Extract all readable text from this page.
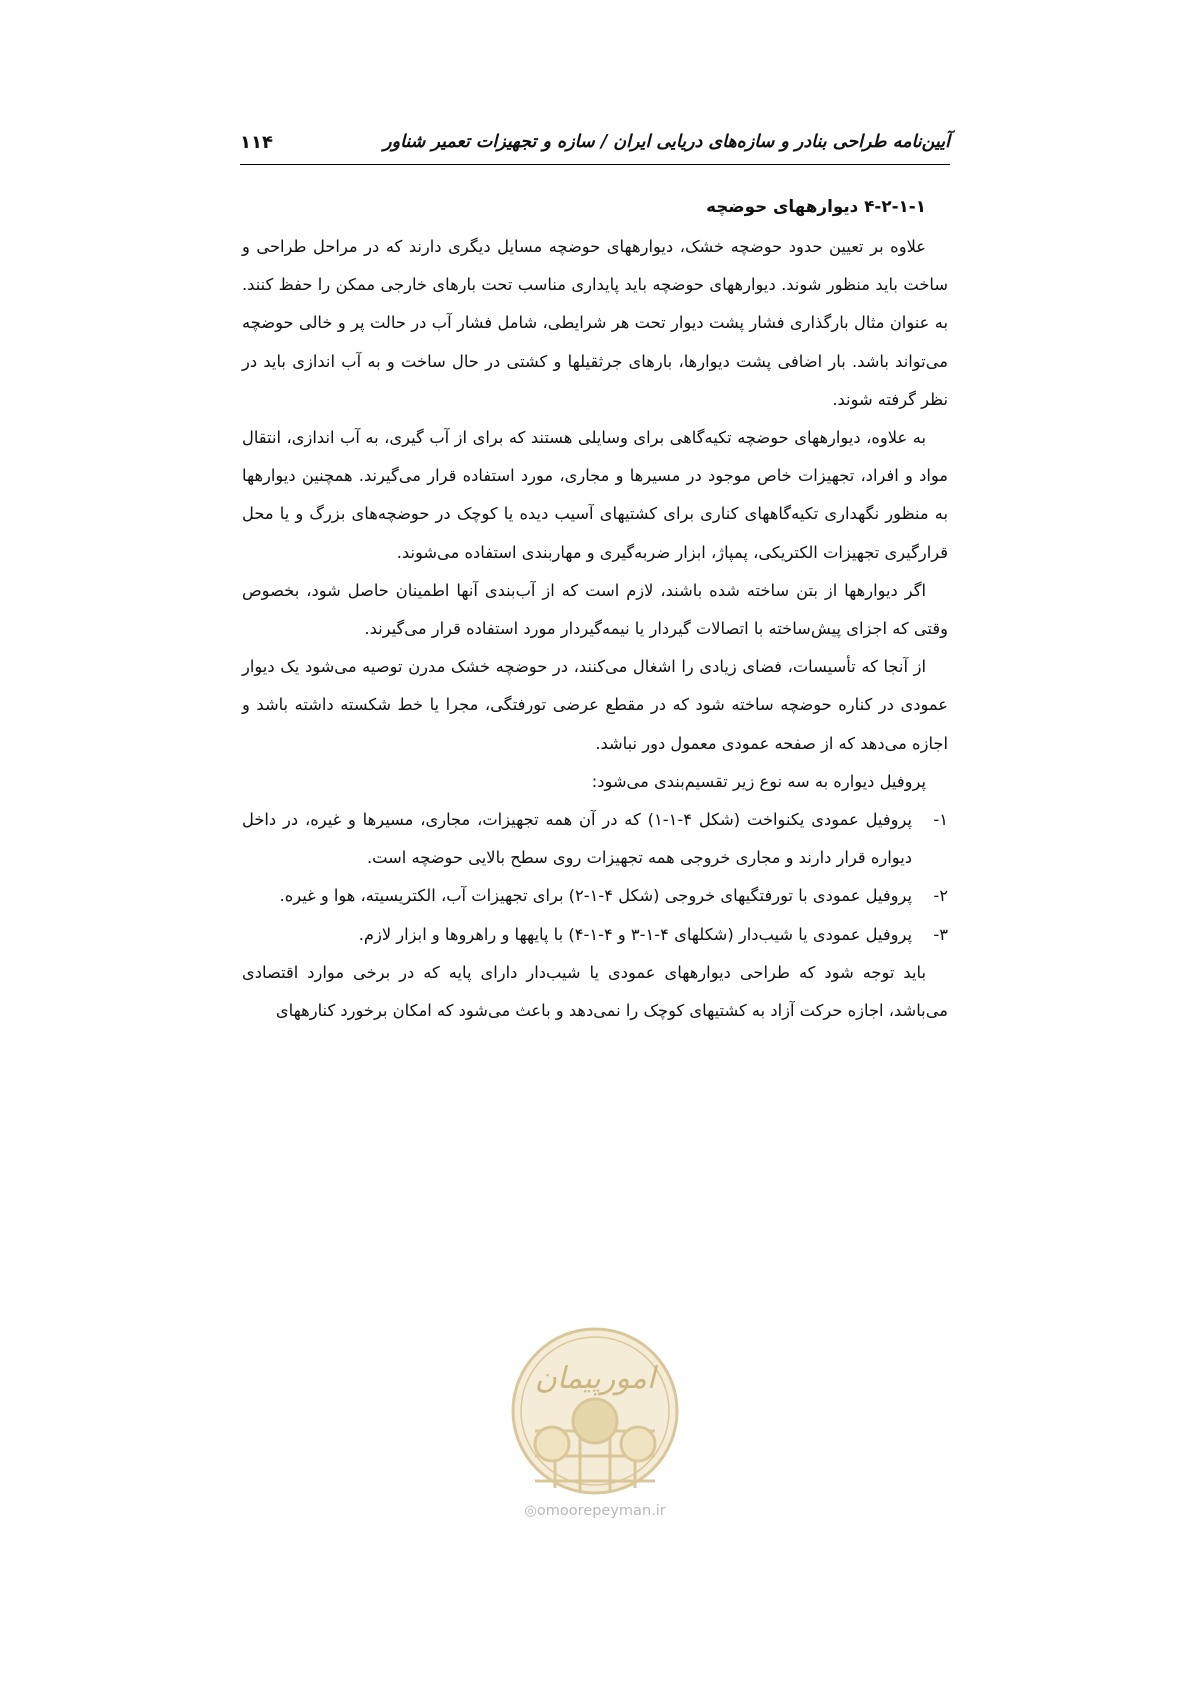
آیین‌نامه طراحی بنادر و سازه‌های دریایی ایران / سازه و تجهیزات تعمیر شناور
۱۱۴
۴-۲-۱-۱ دیوارههای حوضچه

علاوه بر تعیین حدود حوضچه خشک، دیوارههای حوضچه مسایل دیگری دارند که در مراحل طراحی و ساخت باید منظور شوند. دیوارههای حوضچه باید پایداری مناسب تحت بارهای خارجی ممکن را حفظ کنند. به عنوان مثال بارگذاری فشار پشت دیوار تحت هر شرایطی، شامل فشار آب در حالت پر و خالی حوضچه می‌تواند باشد. بار اضافی پشت دیوارها، بارهای جرثقیلها و کشتی در حال ساخت و به آب اندازی باید در نظر گرفته شوند.

به علاوه، دیوارههای حوضچه تکیه‌گاهی برای وسایلی هستند که برای از آب گیری، به آب اندازی، انتقال مواد و افراد، تجهیزات خاص موجود در مسیرها و مجاری، مورد استفاده قرار می‌گیرند. همچنین دیوارهها به منظور نگهداری تکیه‌گاههای کناری برای کشتیهای آسیب دیده یا کوچک در حوضچه‌های بزرگ و یا محل قرارگیری تجهیزات الکتریکی، پمپاژ، ابزار ضربه‌گیری و مهاربندی استفاده می‌شوند.

اگر دیوارهها از بتن ساخته شده باشند، لازم است که از آب‌بندی آنها اطمینان حاصل شود، بخصوص وقتی که اجزای پیش‌ساخته با اتصالات گیردار یا نیمه‌گیردار مورد استفاده قرار می‌گیرند.

از آنجا که تأسیسات، فضای زیادی را اشغال می‌کنند، در حوضچه خشک مدرن توصیه می‌شود یک دیوار عمودی در کناره حوضچه ساخته شود که در مقطع عرضی تورفتگی، مجرا یا خط شکسته داشته باشد و اجازه می‌دهد که از صفحه عمودی معمول دور نباشد.

پروفیل دیواره به سه نوع زیر تقسیم‌بندی می‌شود:

۱-
پروفیل عمودی یکنواخت (شکل ۴-۱-۱) که در آن همه تجهیزات، مجاری، مسیرها و غیره، در داخل دیواره قرار دارند و مجاری خروجی همه تجهیزات روی سطح بالایی حوضچه است.
۲-
پروفیل عمودی با تورفتگیهای خروجی (شکل ۴-۱-۲) برای تجهیزات آب، الکتریسیته، هوا و غیره.
۳-
پروفیل عمودی یا شیب‌دار (شکلهای ۴-۱-۳ و ۴-۱-۴) با پایهها و راهروها و ابزار لازم.

باید توجه شود که طراحی دیوارههای عمودی یا شیب‌دار دارای پایه که در برخی موارد اقتصادی می‌باشد، اجازه حرکت آزاد به کشتیهای کوچک را نمی‌دهد و باعث می‌شود که امکان برخورد کنارههای

امورپیمان
◎omoorepeyman.ir
